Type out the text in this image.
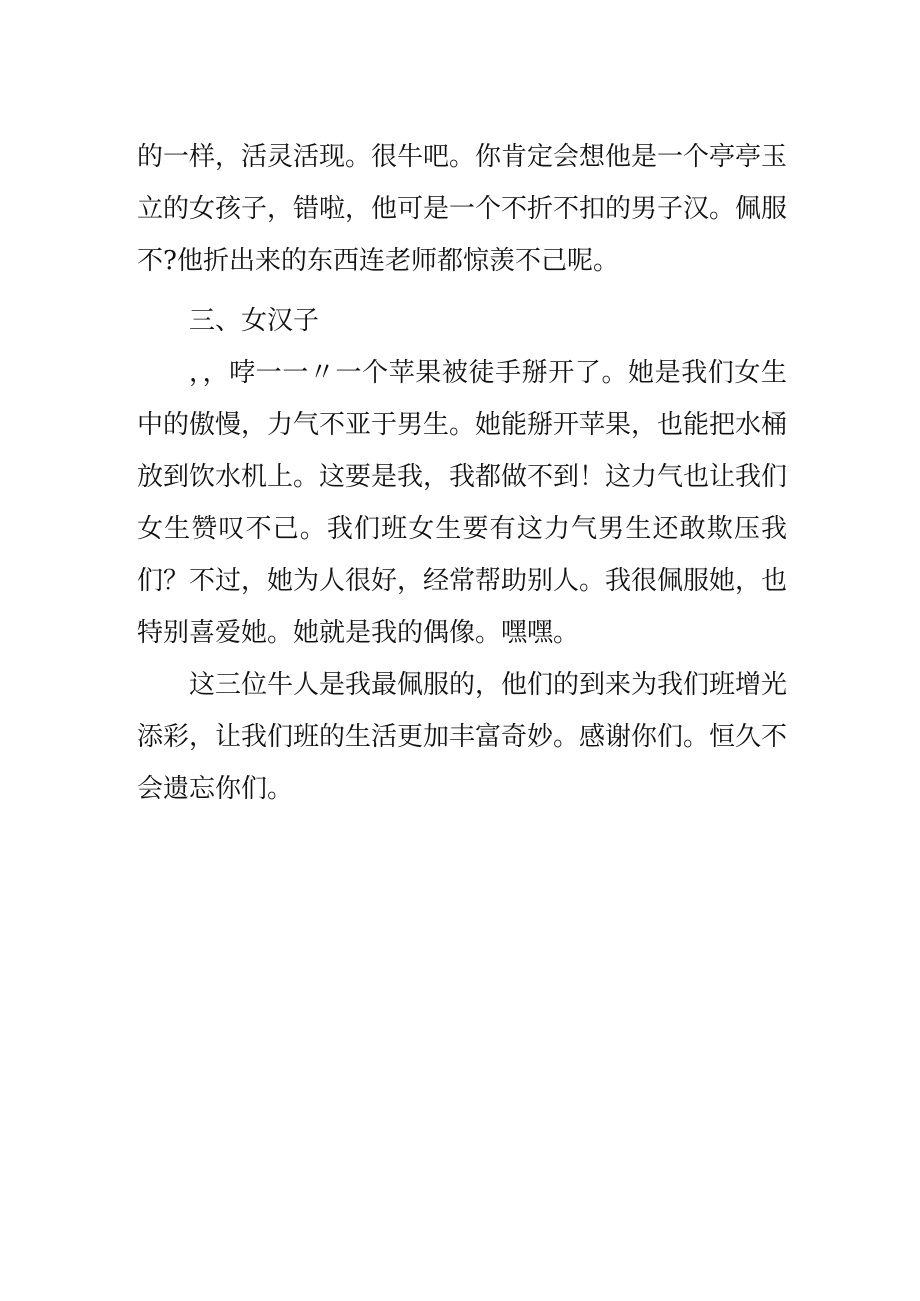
的一样，活灵活现。很牛吧。你肯定会想他是一个亭亭玉立的女孩子，错啦，他可是一个不折不扣的男子汉。佩服不?他折出来的东西连老师都惊羡不己呢。

三、女汉子

，，哱一一〃一个苹果被徒手掰开了。她是我们女生中的傲慢，力气不亚于男生。她能掰开苹果，也能把水桶放到饮水机上。这要是我，我都做不到！这力气也让我们女生赞叹不己。我们班女生要有这力气男生还敢欺压我们？不过，她为人很好，经常帮助别人。我很佩服她，也特别喜爱她。她就是我的偶像。嘿嘿。

这三位牛人是我最佩服的，他们的到来为我们班增光添彩，让我们班的生活更加丰富奇妙。感谢你们。恒久不会遗忘你们。
